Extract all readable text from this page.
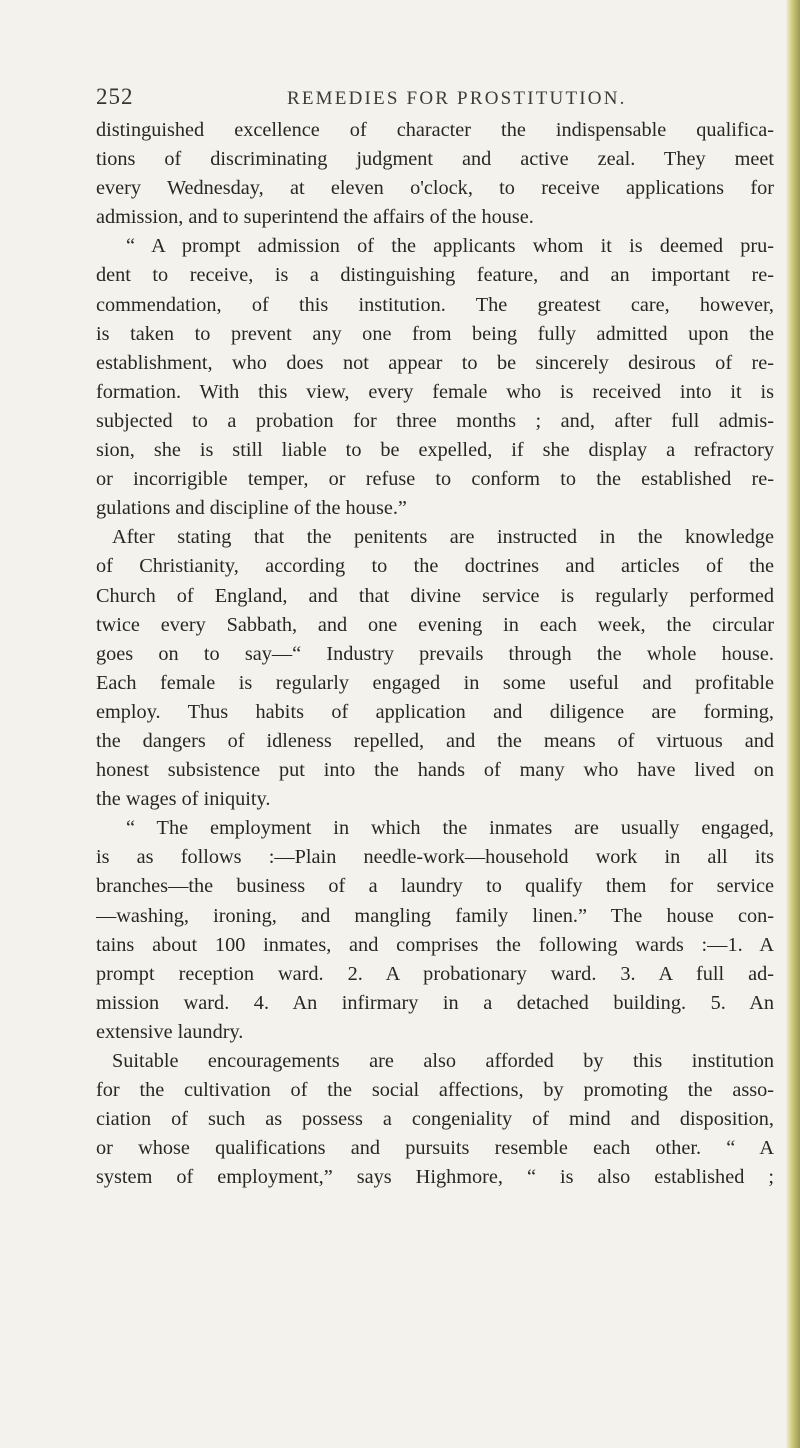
252	REMEDIES FOR PROSTITUTION.
distinguished excellence of character the indispensable qualifica-
tions of discriminating judgment and active zeal. They meet
every Wednesday, at eleven o'clock, to receive applications for
admission, and to superintend the affairs of the house.
“ A prompt admission of the applicants whom it is deemed pru-
dent to receive, is a distinguishing feature, and an important re-
commendation, of this institution. The greatest care, however,
is taken to prevent any one from being fully admitted upon the
establishment, who does not appear to be sincerely desirous of re-
formation. With this view, every female who is received into it is
subjected to a probation for three months ; and, after full admis-
sion, she is still liable to be expelled, if she display a refractory
or incorrigible temper, or refuse to conform to the established re-
gulations and discipline of the house.”
After stating that the penitents are instructed in the knowledge
of Christianity, according to the doctrines and articles of the
Church of England, and that divine service is regularly performed
twice every Sabbath, and one evening in each week, the circular
goes on to say—“ Industry prevails through the whole house.
Each female is regularly engaged in some useful and profitable
employ. Thus habits of application and diligence are forming,
the dangers of idleness repelled, and the means of virtuous and
honest subsistence put into the hands of many who have lived on
the wages of iniquity.
“ The employment in which the inmates are usually engaged,
is as follows :—Plain needle-work—household work in all its
branches—the business of a laundry to qualify them for service
—washing, ironing, and mangling family linen.” The house con-
tains about 100 inmates, and comprises the following wards :—1. A
prompt reception ward. 2. A probationary ward. 3. A full ad-
mission ward. 4. An infirmary in a detached building. 5. An
extensive laundry.
Suitable encouragements are also afforded by this institution
for the cultivation of the social affections, by promoting the asso-
ciation of such as possess a congeniality of mind and disposition,
or whose qualifications and pursuits resemble each other. “ A
system of employment,” says Highmore, “ is also established ;
